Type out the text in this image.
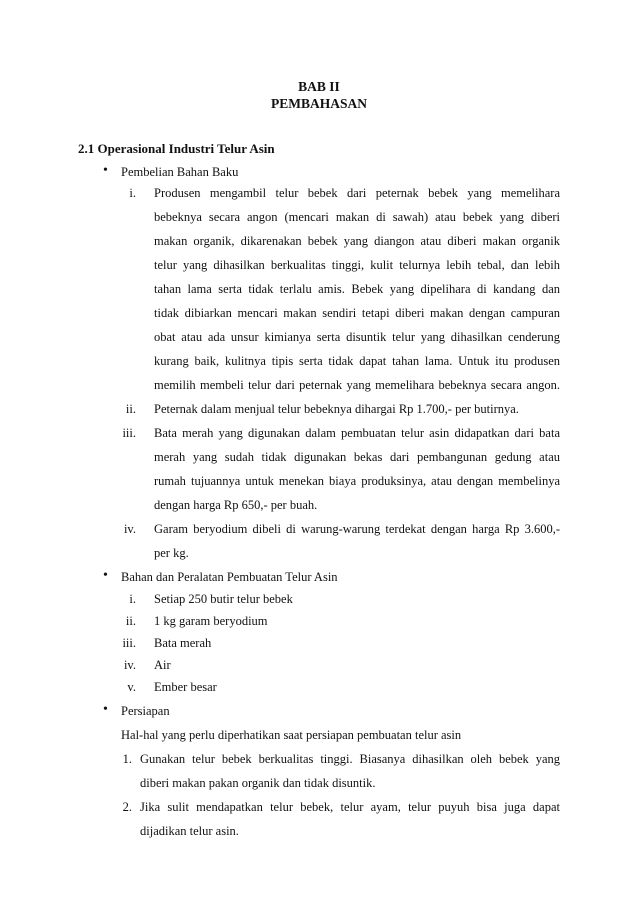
BAB II
PEMBAHASAN
2.1 Operasional Industri Telur Asin
• Pembelian Bahan Baku
i. Produsen mengambil telur bebek dari peternak bebek yang memelihara
bebeknya secara angon (mencari makan di sawah) atau bebek yang diberi
makan organik, dikarenakan bebek yang diangon atau diberi makan organik
telur yang dihasilkan berkualitas tinggi, kulit telurnya lebih tebal, dan lebih
tahan lama serta tidak terlalu amis. Bebek yang dipelihara di kandang dan
tidak dibiarkan mencari makan sendiri tetapi diberi makan dengan campuran
obat atau ada unsur kimianya serta disuntik telur yang dihasilkan cenderung
kurang baik, kulitnya tipis serta tidak dapat tahan lama. Untuk itu produsen
memilih membeli telur dari peternak yang memelihara bebeknya secara angon.
ii. Peternak dalam menjual telur bebeknya dihargai Rp 1.700,- per butirnya.
iii. Bata merah yang digunakan dalam pembuatan telur asin didapatkan dari bata
merah yang sudah tidak digunakan bekas dari pembangunan gedung atau
rumah tujuannya untuk menekan biaya produksinya, atau dengan membelinya
dengan harga Rp 650,- per buah.
iv. Garam beryodium dibeli di warung-warung terdekat dengan harga Rp 3.600,-
per kg.
• Bahan dan Peralatan Pembuatan Telur Asin
i. Setiap 250 butir telur bebek
ii. 1 kg garam beryodium
iii. Bata merah
iv. Air
v. Ember besar
• Persiapan
Hal-hal yang perlu diperhatikan saat persiapan pembuatan telur asin
1. Gunakan telur bebek berkualitas tinggi. Biasanya dihasilkan oleh bebek yang
diberi makan pakan organik dan tidak disuntik.
2. Jika sulit mendapatkan telur bebek, telur ayam, telur puyuh bisa juga dapat
dijadikan telur asin.
